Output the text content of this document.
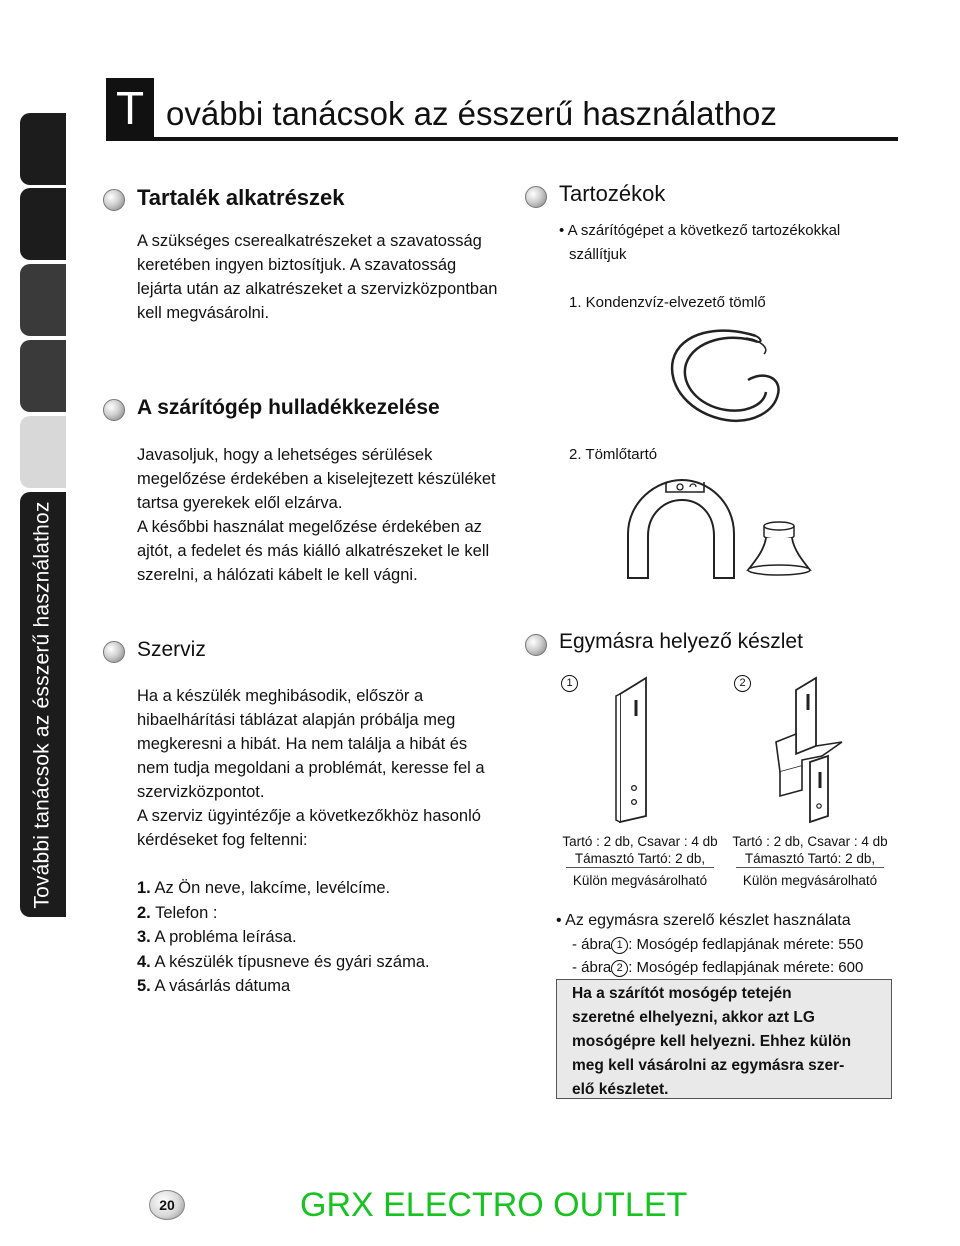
További tanácsok az ésszerű használathoz
T ovábbi tanácsok az ésszerű használathoz
Tartalék alkatrészek
A szükséges cserealkatrészeket a szavatosság
keretében ingyen biztosítjuk. A szavatosság
lejárta után az alkatrészeket a szervizközpontban
kell megvásárolni.
A szárítógép hulladékkezelése
Javasoljuk, hogy a lehetséges sérülések
megelőzése érdekében a kiselejtezett készüléket
tartsa gyerekek elől elzárva.
A későbbi használat megelőzése érdekében az
ajtót, a fedelet és más kiálló alkatrészeket le kell
szerelni, a hálózati kábelt le kell vágni.
Szerviz
Ha a készülék meghibásodik, először a
hibaelhárítási táblázat alapján próbálja meg
megkeresni a hibát. Ha nem találja a hibát és
nem tudja megoldani a problémát, keresse fel a
szervizközpontot.
A szerviz ügyintézője a következőkhöz hasonló
kérdéseket fog feltenni:
1. Az Ön neve, lakcíme, levélcíme.
2. Telefon :
3. A probléma leírása.
4. A készülék típusneve és gyári száma.
5. A vásárlás dátuma
Tartozékok
• A szárítógépet a következő tartozékokkal
szállítjuk
1. Kondenzvíz-elvezető tömlő
2. Tömlőtartó
Egymásra helyező készlet
1	2
Tartó : 2 db, Csavar : 4 db
Támasztó Tartó: 2 db,
Külön megvásárolható
Tartó : 2 db, Csavar : 4 db
Támasztó Tartó: 2 db,
Külön megvásárolható
• Az egymásra szerelő készlet használata
- ábra 1 : Mosógép fedlapjának mérete: 550
- ábra 2 : Mosógép fedlapjának mérete: 600
Ha a szárítót mosógép tetején
szeretné elhelyezni, akkor azt LG
mosógépre kell helyezni. Ehhez külön
meg kell vásárolni az egymásra szer-
elő készletet.
20	GRX ELECTRO OUTLET
